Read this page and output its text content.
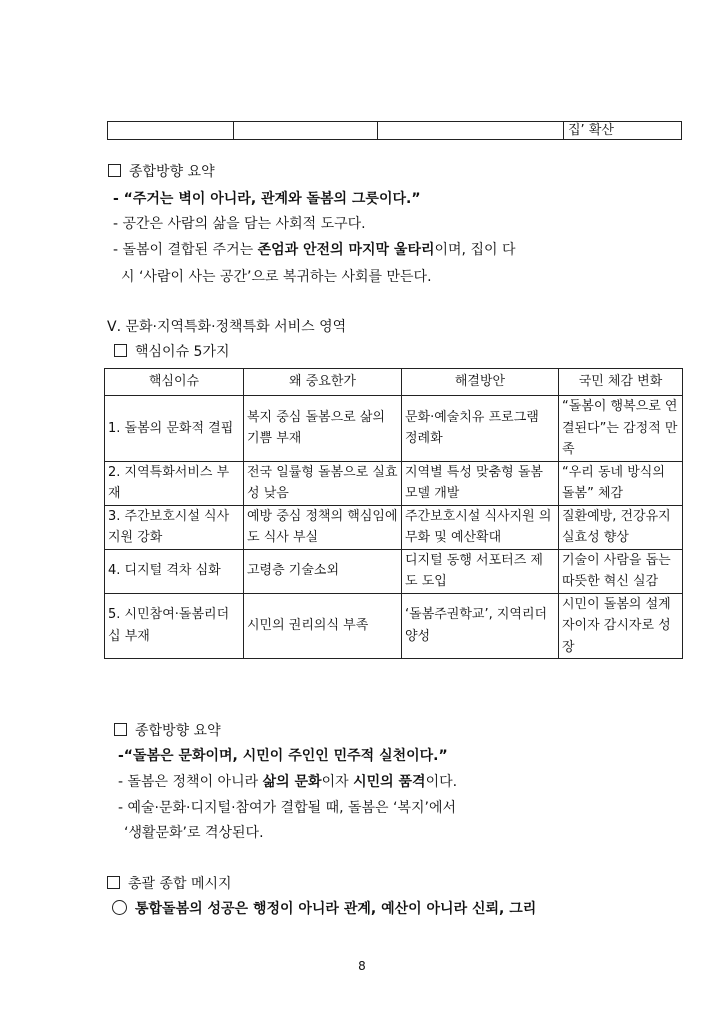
			집’ 확산
종합방향 요약
- “주거는 벽이 아니라, 관계와 돌봄의 그릇이다.”
- 공간은 사람의 삶을 담는 사회적 도구다.
- 돌봄이 결합된 주거는 존엄과 안전의 마지막 울타리이며, 집이 다
시 ‘사람이 사는 공간’으로 복귀하는 사회를 만든다.
Ⅴ. 문화·지역특화·정책특화 서비스 영역
핵심이슈 5가지
핵심이슈	왜 중요한가	해결방안	국민 체감 변화
1. 돌봄의 문화적 결핍	복지 중심 돌봄으로 삶의 기쁨 부재	문화·예술치유 프로그램 정례화	“돌봄이 행복으로 연결된다”는 감정적 만족
2. 지역특화서비스 부재	전국 일률형 돌봄으로 실효성 낮음	지역별 특성 맞춤형 돌봄모델 개발	“우리 동네 방식의 돌봄” 체감
3. 주간보호시설 식사지원 강화	예방 중심 정책의 핵심임에도 식사 부실	주간보호시설 식사지원 의무화 및 예산확대	질환예방, 건강유지 실효성 향상
4. 디지털 격차 심화	고령층 기술소외	디지털 동행 서포터즈 제도 도입	기술이 사람을 돕는 따뜻한 혁신 실감
5. 시민참여·돌봄리더십 부재	시민의 권리의식 부족	‘돌봄주권학교’, 지역리더 양성	시민이 돌봄의 설계자이자 감시자로 성장
종합방향 요약
-“돌봄은 문화이며, 시민이 주인인 민주적 실천이다.”
- 돌봄은 정책이 아니라 삶의 문화이자 시민의 품격이다.
- 예술·문화·디지털·참여가 결합될 때, 돌봄은 ‘복지’에서
‘생활문화’로 격상된다.
총괄 종합 메시지
통합돌봄의 성공은 행정이 아니라 관계, 예산이 아니라 신뢰, 그리
8
